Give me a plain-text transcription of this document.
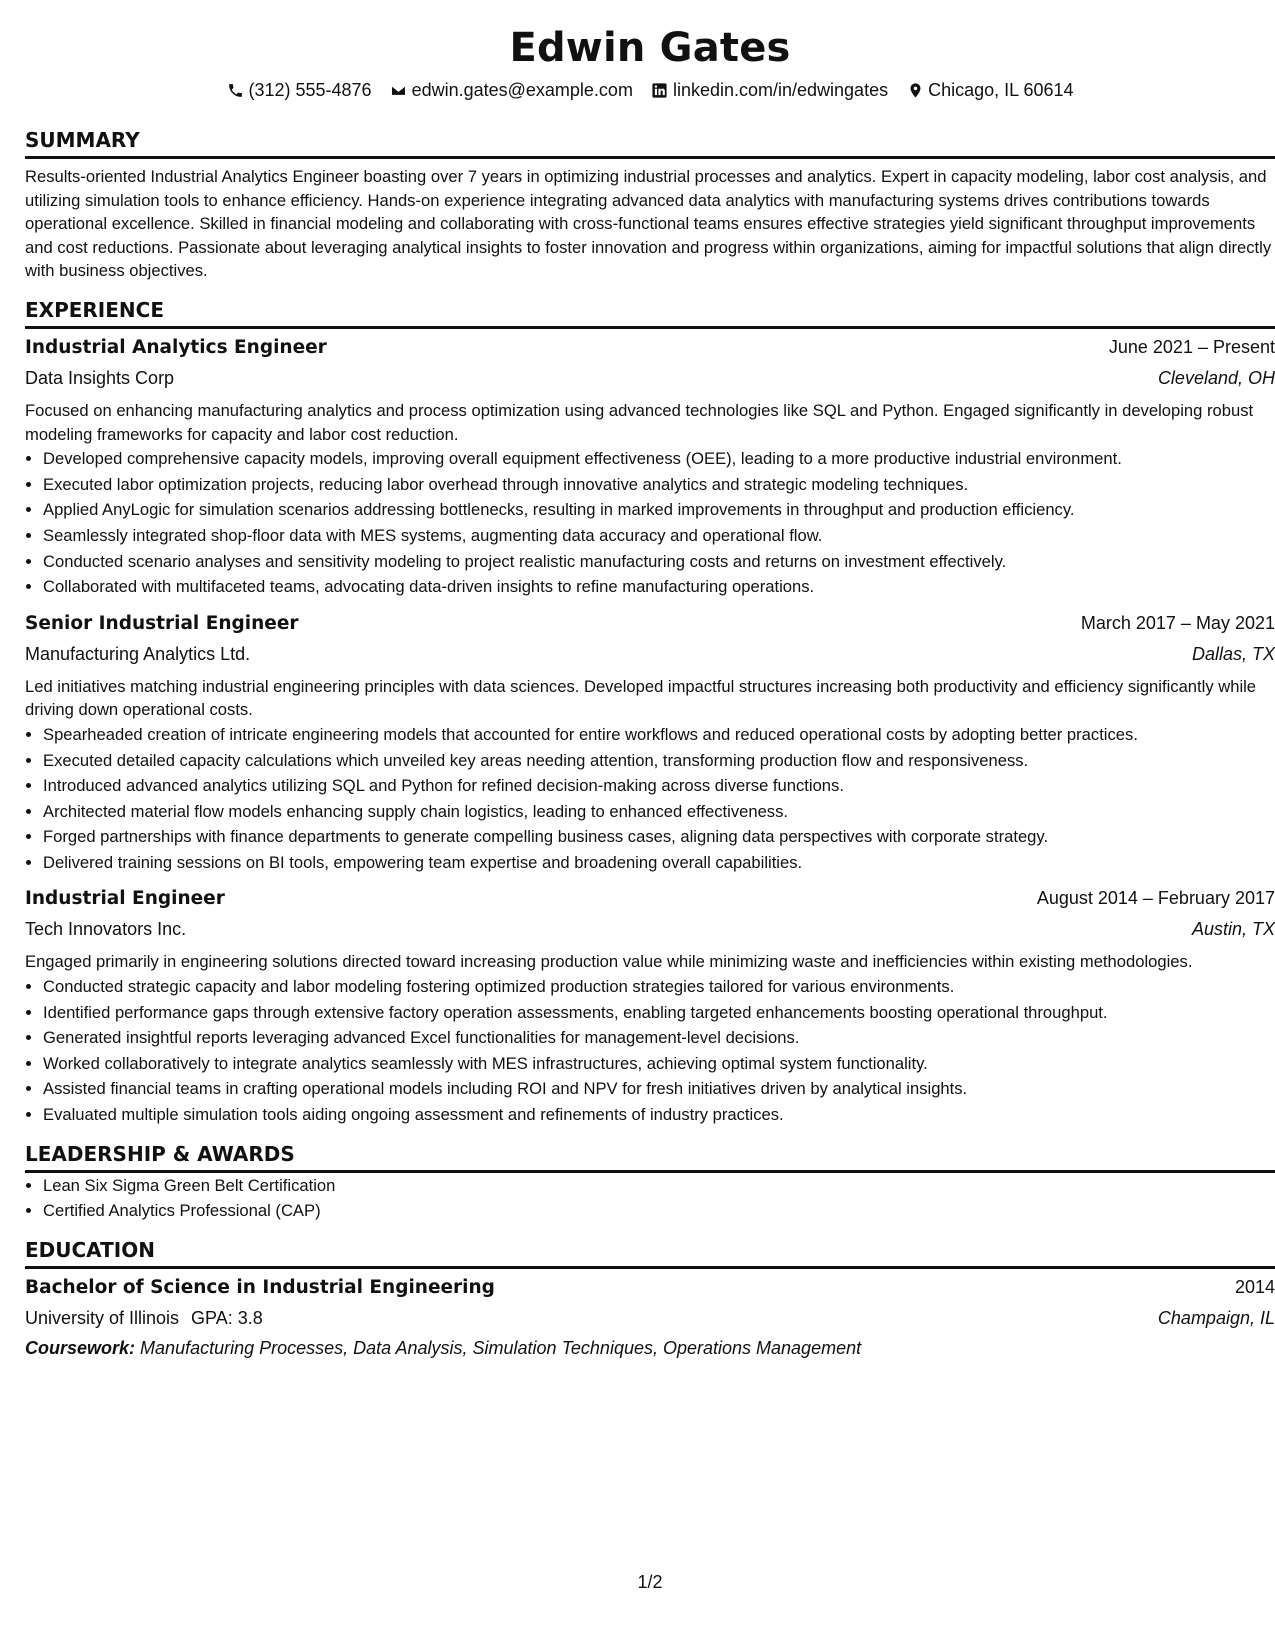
Edwin Gates
(312) 555-4876 edwin.gates@example.com linkedin.com/in/edwingates Chicago, IL 60614
SUMMARY

Results-oriented Industrial Analytics Engineer boasting over 7 years in optimizing industrial processes and analytics. Expert in capacity modeling, labor cost analysis, and utilizing simulation tools to enhance efficiency. Hands-on experience integrating advanced data analytics with manufacturing systems drives contributions towards operational excellence. Skilled in financial modeling and collaborating with cross-functional teams ensures effective strategies yield significant throughput improvements and cost reductions. Passionate about leveraging analytical insights to foster innovation and progress within organizations, aiming for impactful solutions that align directly with business objectives.

EXPERIENCE
Industrial Analytics Engineer	June 2021 – Present
Data Insights Corp	Cleveland, OH

Focused on enhancing manufacturing analytics and process optimization using advanced technologies like SQL and Python. Engaged significantly in developing robust modeling frameworks for capacity and labor cost reduction.

• Developed comprehensive capacity models, improving overall equipment effectiveness (OEE), leading to a more productive industrial environment.
• Executed labor optimization projects, reducing labor overhead through innovative analytics and strategic modeling techniques.
• Applied AnyLogic for simulation scenarios addressing bottlenecks, resulting in marked improvements in throughput and production efficiency.
• Seamlessly integrated shop-floor data with MES systems, augmenting data accuracy and operational flow.
• Conducted scenario analyses and sensitivity modeling to project realistic manufacturing costs and returns on investment effectively.
• Collaborated with multifaceted teams, advocating data-driven insights to refine manufacturing operations.
Senior Industrial Engineer	March 2017 – May 2021
Manufacturing Analytics Ltd.	Dallas, TX

Led initiatives matching industrial engineering principles with data sciences. Developed impactful structures increasing both productivity and efficiency significantly while driving down operational costs.

• Spearheaded creation of intricate engineering models that accounted for entire workflows and reduced operational costs by adopting better practices.
• Executed detailed capacity calculations which unveiled key areas needing attention, transforming production flow and responsiveness.
• Introduced advanced analytics utilizing SQL and Python for refined decision-making across diverse functions.
• Architected material flow models enhancing supply chain logistics, leading to enhanced effectiveness.
• Forged partnerships with finance departments to generate compelling business cases, aligning data perspectives with corporate strategy.
• Delivered training sessions on BI tools, empowering team expertise and broadening overall capabilities.
Industrial Engineer	August 2014 – February 2017
Tech Innovators Inc.	Austin, TX

Engaged primarily in engineering solutions directed toward increasing production value while minimizing waste and inefficiencies within existing methodologies.

• Conducted strategic capacity and labor modeling fostering optimized production strategies tailored for various environments.
• Identified performance gaps through extensive factory operation assessments, enabling targeted enhancements boosting operational throughput.
• Generated insightful reports leveraging advanced Excel functionalities for management-level decisions.
• Worked collaboratively to integrate analytics seamlessly with MES infrastructures, achieving optimal system functionality.
• Assisted financial teams in crafting operational models including ROI and NPV for fresh initiatives driven by analytical insights.
• Evaluated multiple simulation tools aiding ongoing assessment and refinements of industry practices.
LEADERSHIP & AWARDS
• Lean Six Sigma Green Belt Certification
• Certified Analytics Professional (CAP)
EDUCATION
Bachelor of Science in Industrial Engineering	2014
University of Illinois GPA: 3.8	Champaign, IL
Coursework: Manufacturing Processes, Data Analysis, Simulation Techniques, Operations Management
1/2
